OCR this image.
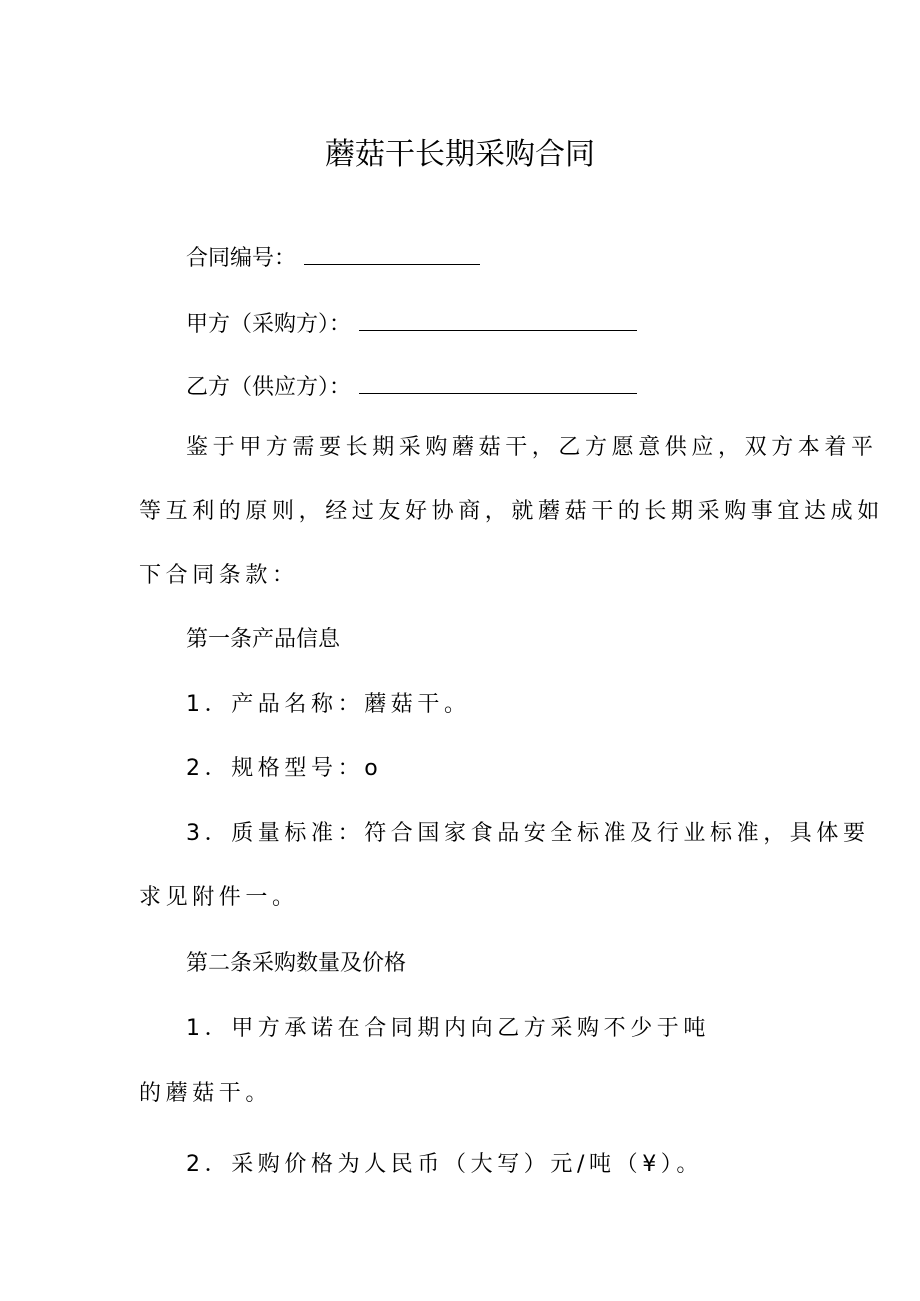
蘑菇干长期采购合同
合同编号：
甲方（采购方）：
乙方（供应方）：
鉴于甲方需要长期采购蘑菇干，乙方愿意供应，双方本着平
等互利的原则，经过友好协商，就蘑菇干的长期采购事宜达成如
下合同条款：
第一条产品信息
1．产品名称：蘑菇干。
2．规格型号：o
3．质量标准：符合国家食品安全标准及行业标准，具体要
求见附件一。
第二条采购数量及价格
1．甲方承诺在合同期内向乙方采购不少于吨
的蘑菇干。
2．采购价格为人民币（大写）元/吨（¥）。
